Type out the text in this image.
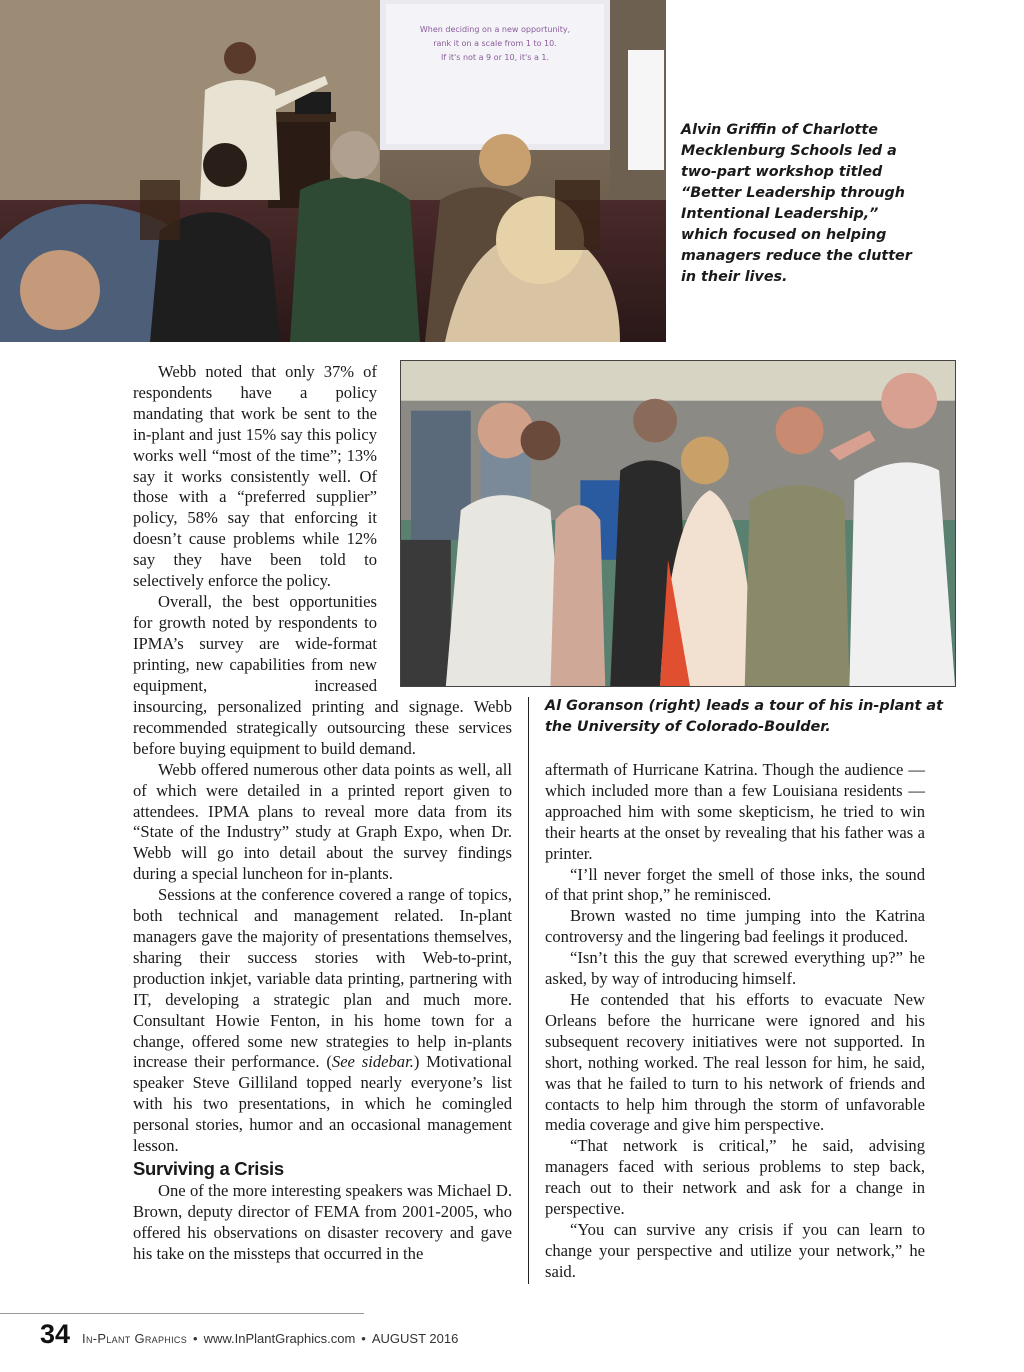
When deciding on a new opportunity,
rank it on a scale from 1 to 10.
If it's not a 9 or 10, it's a 1.
Alvin Griffin of Charlotte Mecklenburg Schools led a two-part workshop titled “Better Leadership through Intentional Leadership,” which focused on helping managers reduce the clutter in their lives.
Al Goranson (right) leads a tour of his in-plant at the University of Colorado-Boulder.

Webb noted that only 37% of respondents have a policy mandating that work be sent to the in-plant and just 15% say this policy works well “most of the time”; 13% say it works consistently well. Of those with a “preferred supplier” policy, 58% say that enforcing it doesn’t cause problems while 12% say they have been told to selectively enforce the policy.

Overall, the best opportunities for growth noted by respondents to IPMA’s survey are wide-format printing, new capabilities from new equipment, increased

insourcing, personalized printing and signage. Webb recommended strategically outsourcing these services before buying equipment to build demand.

Webb offered numerous other data points as well, all of which were detailed in a printed report given to attendees. IPMA plans to reveal more data from its “State of the Industry” study at Graph Expo, when Dr. Webb will go into detail about the survey findings during a special luncheon for in-plants.

Sessions at the conference covered a range of topics, both technical and management related. In-plant managers gave the majority of presentations themselves, sharing their success stories with Web-to-print, production inkjet, variable data printing, partnering with IT, developing a strategic plan and much more. Consultant Howie Fenton, in his home town for a change, offered some new strategies to help in-plants increase their performance. (See sidebar.) Motivational speaker Steve Gilliland topped nearly everyone’s list with his two presentations, in which he comingled personal stories, humor and an occasional management lesson.

Surviving a Crisis

One of the more interesting speakers was Michael D. Brown, deputy director of FEMA from 2001-2005, who offered his observations on disaster recovery and gave his take on the missteps that occurred in the

aftermath of Hurricane Katrina. Though the audience — which included more than a few Louisiana residents — approached him with some skepticism, he tried to win their hearts at the onset by revealing that his father was a printer.

“I’ll never forget the smell of those inks, the sound of that print shop,” he reminisced.

Brown wasted no time jumping into the Katrina controversy and the lingering bad feelings it produced.

“Isn’t this the guy that screwed everything up?” he asked, by way of introducing himself.

He contended that his efforts to evacuate New Orleans before the hurricane were ignored and his subsequent recovery initiatives were not supported. In short, nothing worked. The real lesson for him, he said, was that he failed to turn to his network of friends and contacts to help him through the storm of unfavorable media coverage and give him perspective.

“That network is critical,” he said, advising managers faced with serious problems to step back, reach out to their network and ask for a change in perspective.

“You can survive any crisis if you can learn to change your perspective and utilize your network,” he said.

34 In-Plant Graphics • www.InPlantGraphics.com • AUGUST 2016
